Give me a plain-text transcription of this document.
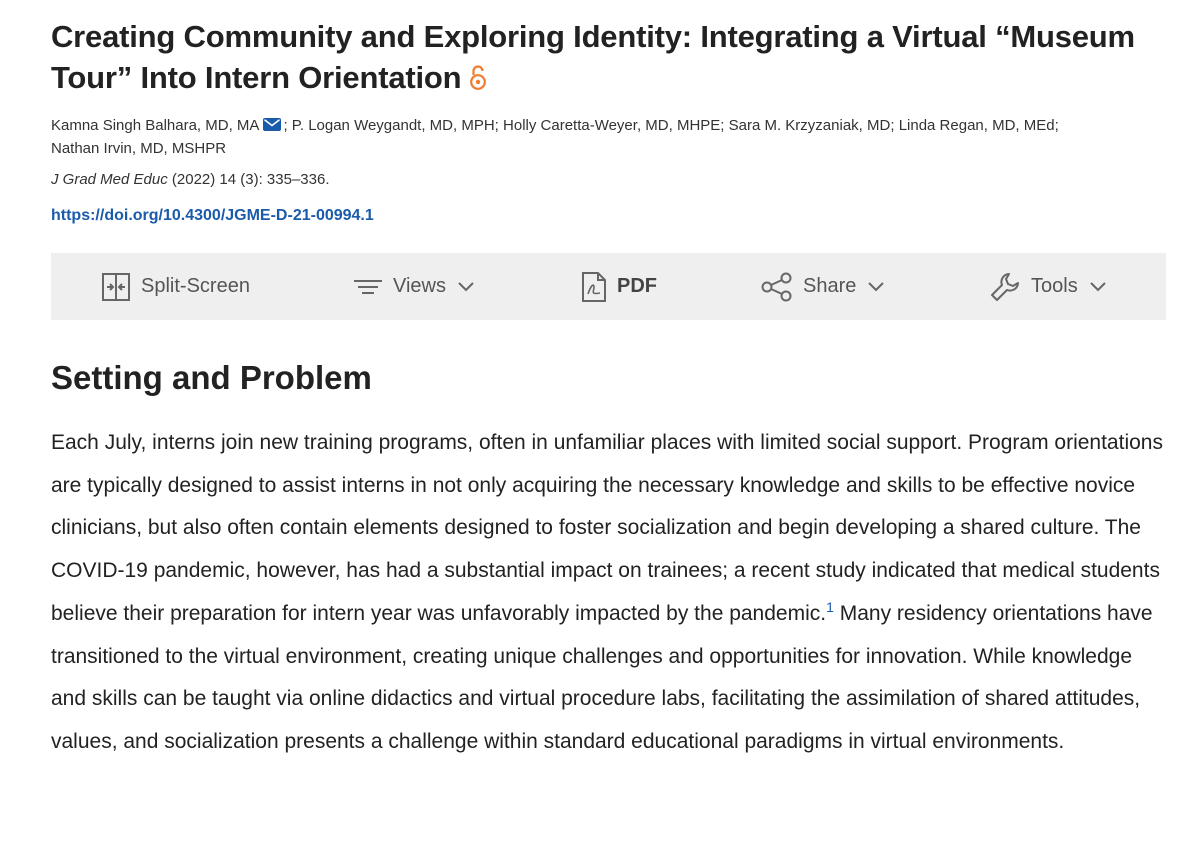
Creating Community and Exploring Identity: Integrating a Virtual “Museum Tour” Into Intern Orientation
Kamna Singh Balhara, MD, MA ; P. Logan Weygandt, MD, MPH; Holly Caretta-Weyer, MD, MHPE; Sara M. Krzyzaniak, MD; Linda Regan, MD, MEd;
Nathan Irvin, MD, MSHPR
J Grad Med Educ (2022) 14 (3): 335–336.
https://doi.org/10.4300/JGME-D-21-00994.1
Split-Screen	Views	PDF	Share	Tools
Setting and Problem

Each July, interns join new training programs, often in unfamiliar places with limited social support. Program orientations are typically designed to assist interns in not only acquiring the necessary knowledge and skills to be effective novice clinicians, but also often contain elements designed to foster socialization and begin developing a shared culture. The COVID-19 pandemic, however, has had a substantial impact on trainees; a recent study indicated that medical students believe their preparation for intern year was unfavorably impacted by the pandemic.$^1$ Many residency orientations have transitioned to the virtual environment, creating unique challenges and opportunities for innovation. While knowledge and skills can be taught via online didactics and virtual procedure labs, facilitating the assimilation of shared attitudes, values, and socialization presents a challenge within standard educational paradigms in virtual environments.
